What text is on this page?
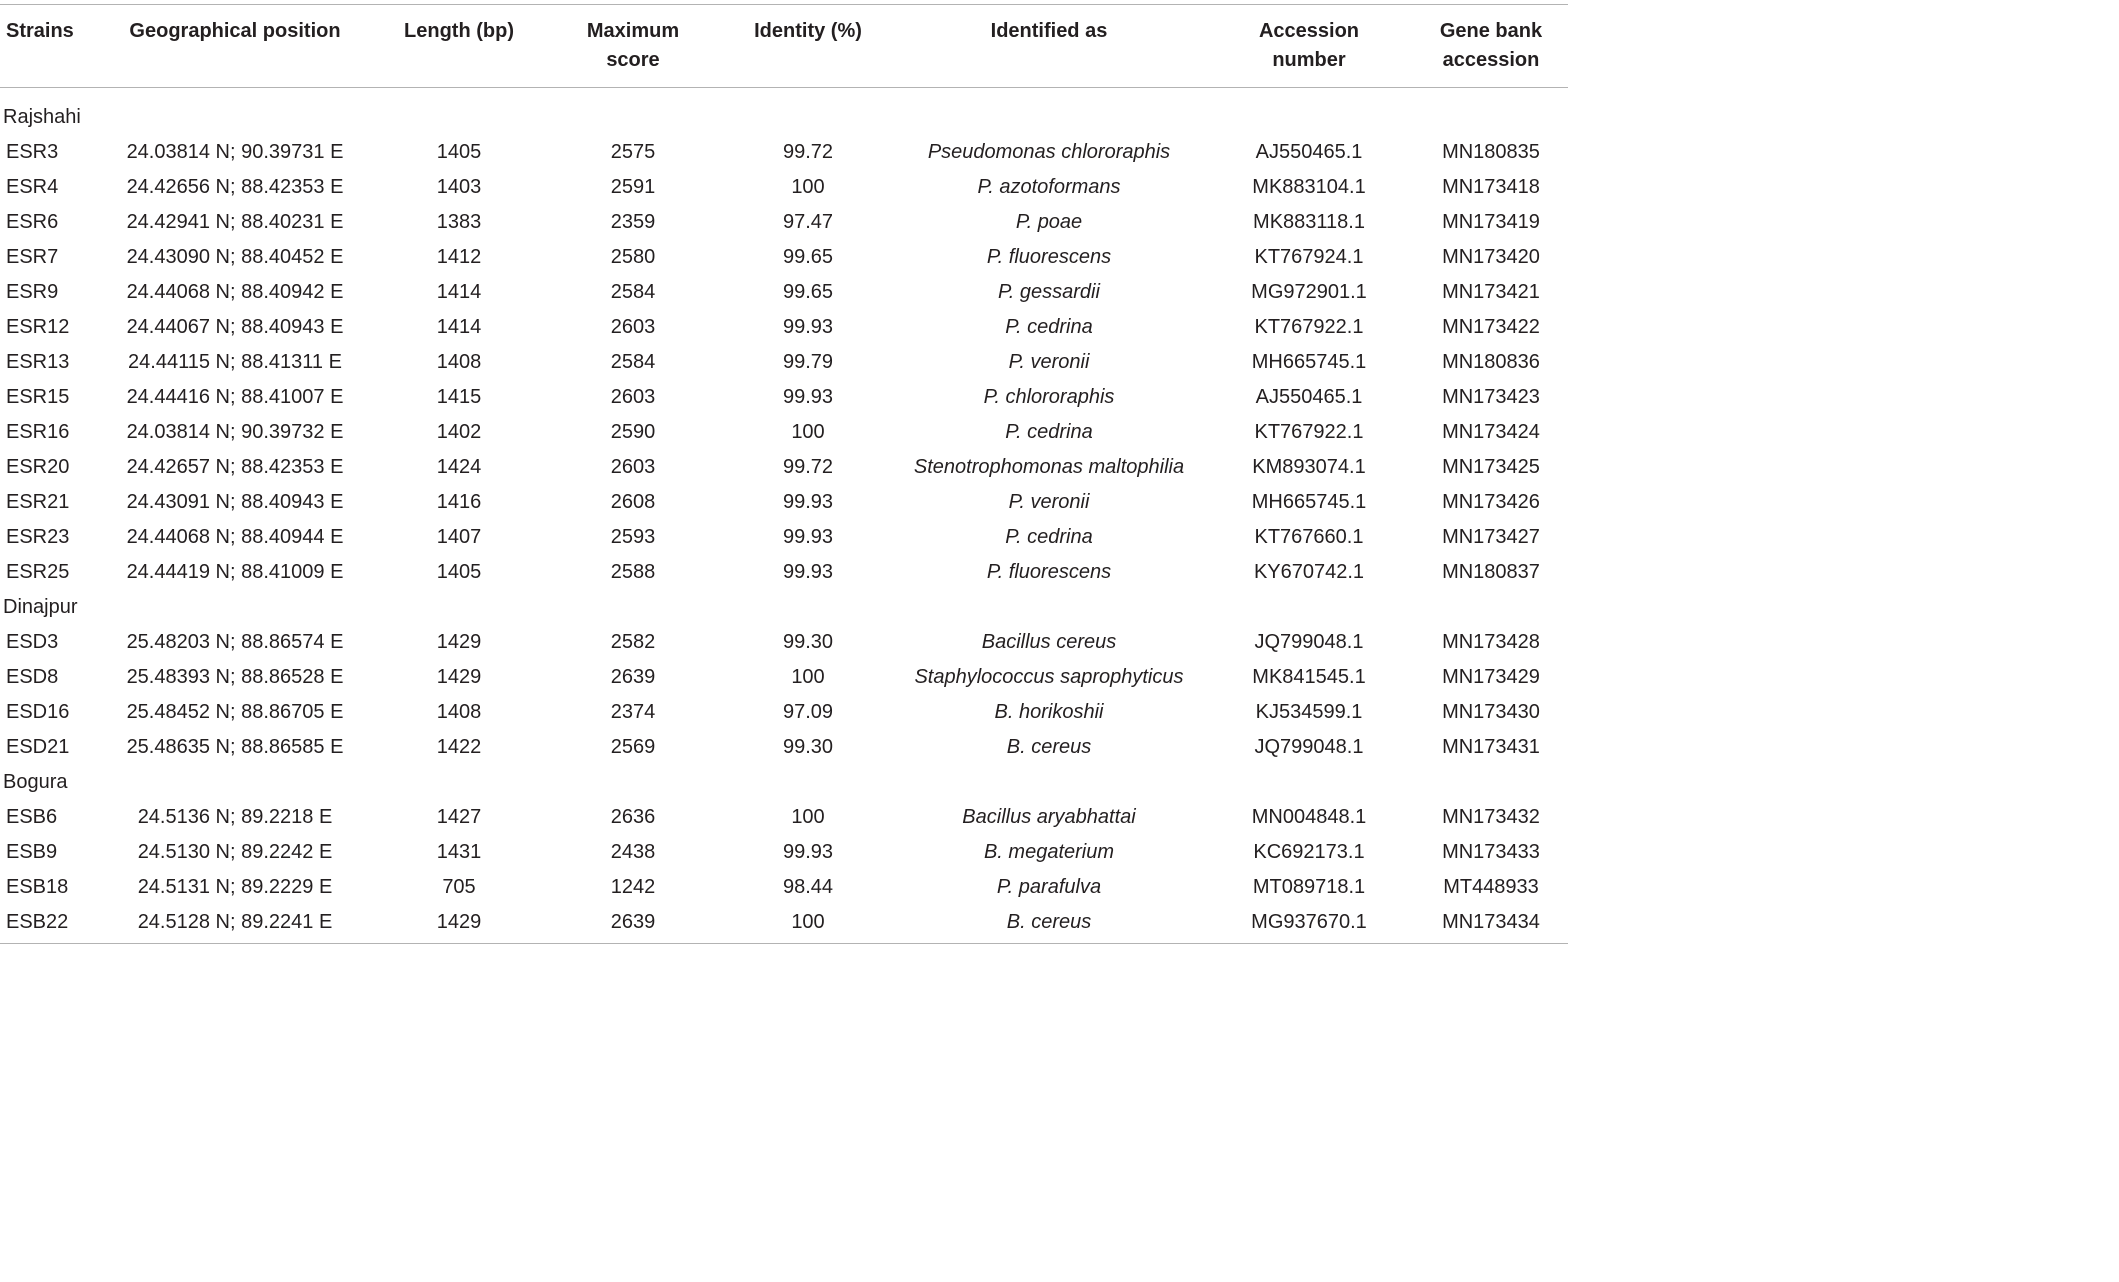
Strains	Geographical position	Length (bp)	Maximum score	Identity (%)	Identified as	Accession number	Gene bank accession

Rajshahi							
ESR3	24.03814 N; 90.39731 E	1405	2575	99.72	Pseudomonas chlororaphis	AJ550465.1	MN180835
ESR4	24.42656 N; 88.42353 E	1403	2591	100	P. azotoformans	MK883104.1	MN173418
ESR6	24.42941 N; 88.40231 E	1383	2359	97.47	P. poae	MK883118.1	MN173419
ESR7	24.43090 N; 88.40452 E	1412	2580	99.65	P. fluorescens	KT767924.1	MN173420
ESR9	24.44068 N; 88.40942 E	1414	2584	99.65	P. gessardii	MG972901.1	MN173421
ESR12	24.44067 N; 88.40943 E	1414	2603	99.93	P. cedrina	KT767922.1	MN173422
ESR13	24.44115 N; 88.41311 E	1408	2584	99.79	P. veronii	MH665745.1	MN180836
ESR15	24.44416 N; 88.41007 E	1415	2603	99.93	P. chlororaphis	AJ550465.1	MN173423
ESR16	24.03814 N; 90.39732 E	1402	2590	100	P. cedrina	KT767922.1	MN173424
ESR20	24.42657 N; 88.42353 E	1424	2603	99.72	Stenotrophomonas maltophilia	KM893074.1	MN173425
ESR21	24.43091 N; 88.40943 E	1416	2608	99.93	P. veronii	MH665745.1	MN173426
ESR23	24.44068 N; 88.40944 E	1407	2593	99.93	P. cedrina	KT767660.1	MN173427
ESR25	24.44419 N; 88.41009 E	1405	2588	99.93	P. fluorescens	KY670742.1	MN180837
Dinajpur							
ESD3	25.48203 N; 88.86574 E	1429	2582	99.30	Bacillus cereus	JQ799048.1	MN173428
ESD8	25.48393 N; 88.86528 E	1429	2639	100	Staphylococcus saprophyticus	MK841545.1	MN173429
ESD16	25.48452 N; 88.86705 E	1408	2374	97.09	B. horikoshii	KJ534599.1	MN173430
ESD21	25.48635 N; 88.86585 E	1422	2569	99.30	B. cereus	JQ799048.1	MN173431
Bogura							
ESB6	24.5136 N; 89.2218 E	1427	2636	100	Bacillus aryabhattai	MN004848.1	MN173432
ESB9	24.5130 N; 89.2242 E	1431	2438	99.93	B. megaterium	KC692173.1	MN173433
ESB18	24.5131 N; 89.2229 E	705	1242	98.44	P. parafulva	MT089718.1	MT448933
ESB22	24.5128 N; 89.2241 E	1429	2639	100	B. cereus	MG937670.1	MN173434
